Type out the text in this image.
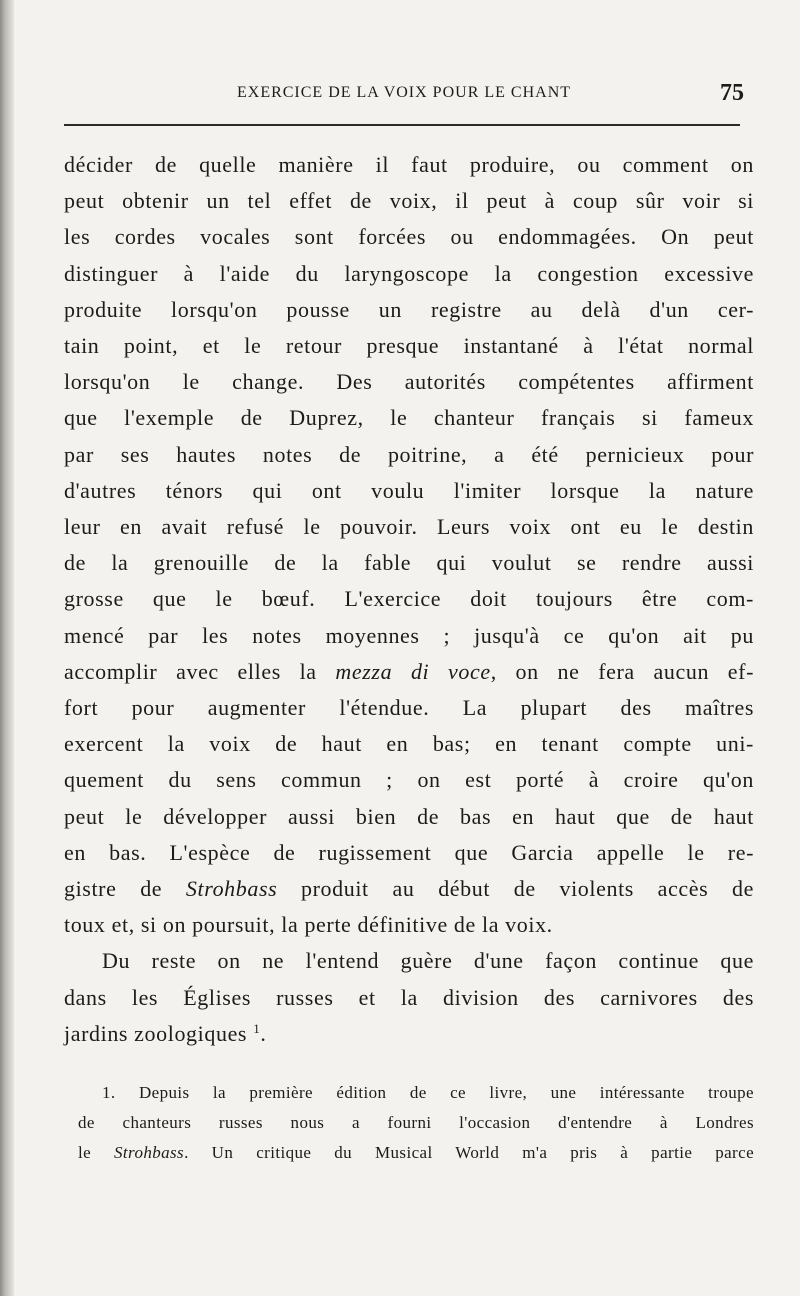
EXERCICE DE LA VOIX POUR LE CHANT	75
décider de quelle manière il faut produire, ou comment on
peut obtenir un tel effet de voix, il peut à coup sûr voir si
les cordes vocales sont forcées ou endommagées. On peut
distinguer à l'aide du laryngoscope la congestion excessive
produite lorsqu'on pousse un registre au delà d'un cer-
tain point, et le retour presque instantané à l'état normal
lorsqu'on le change. Des autorités compétentes affirment
que l'exemple de Duprez, le chanteur français si fameux
par ses hautes notes de poitrine, a été pernicieux pour
d'autres ténors qui ont voulu l'imiter lorsque la nature
leur en avait refusé le pouvoir. Leurs voix ont eu le destin
de la grenouille de la fable qui voulut se rendre aussi
grosse que le bœuf. L'exercice doit toujours être com-
mencé par les notes moyennes ; jusqu'à ce qu'on ait pu
accomplir avec elles la mezza di voce, on ne fera aucun ef-
fort pour augmenter l'étendue. La plupart des maîtres
exercent la voix de haut en bas; en tenant compte uni-
quement du sens commun ; on est porté à croire qu'on
peut le développer aussi bien de bas en haut que de haut
en bas. L'espèce de rugissement que Garcia appelle le re-
gistre de Strohbass produit au début de violents accès de
toux et, si on poursuit, la perte définitive de la voix.
Du reste on ne l'entend guère d'une façon continue que
dans les Églises russes et la division des carnivores des
jardins zoologiques $^1$.
1. Depuis la première édition de ce livre, une intéressante troupe
de chanteurs russes nous a fourni l'occasion d'entendre à Londres
le Strohbass. Un critique du Musical World m'a pris à partie parce
